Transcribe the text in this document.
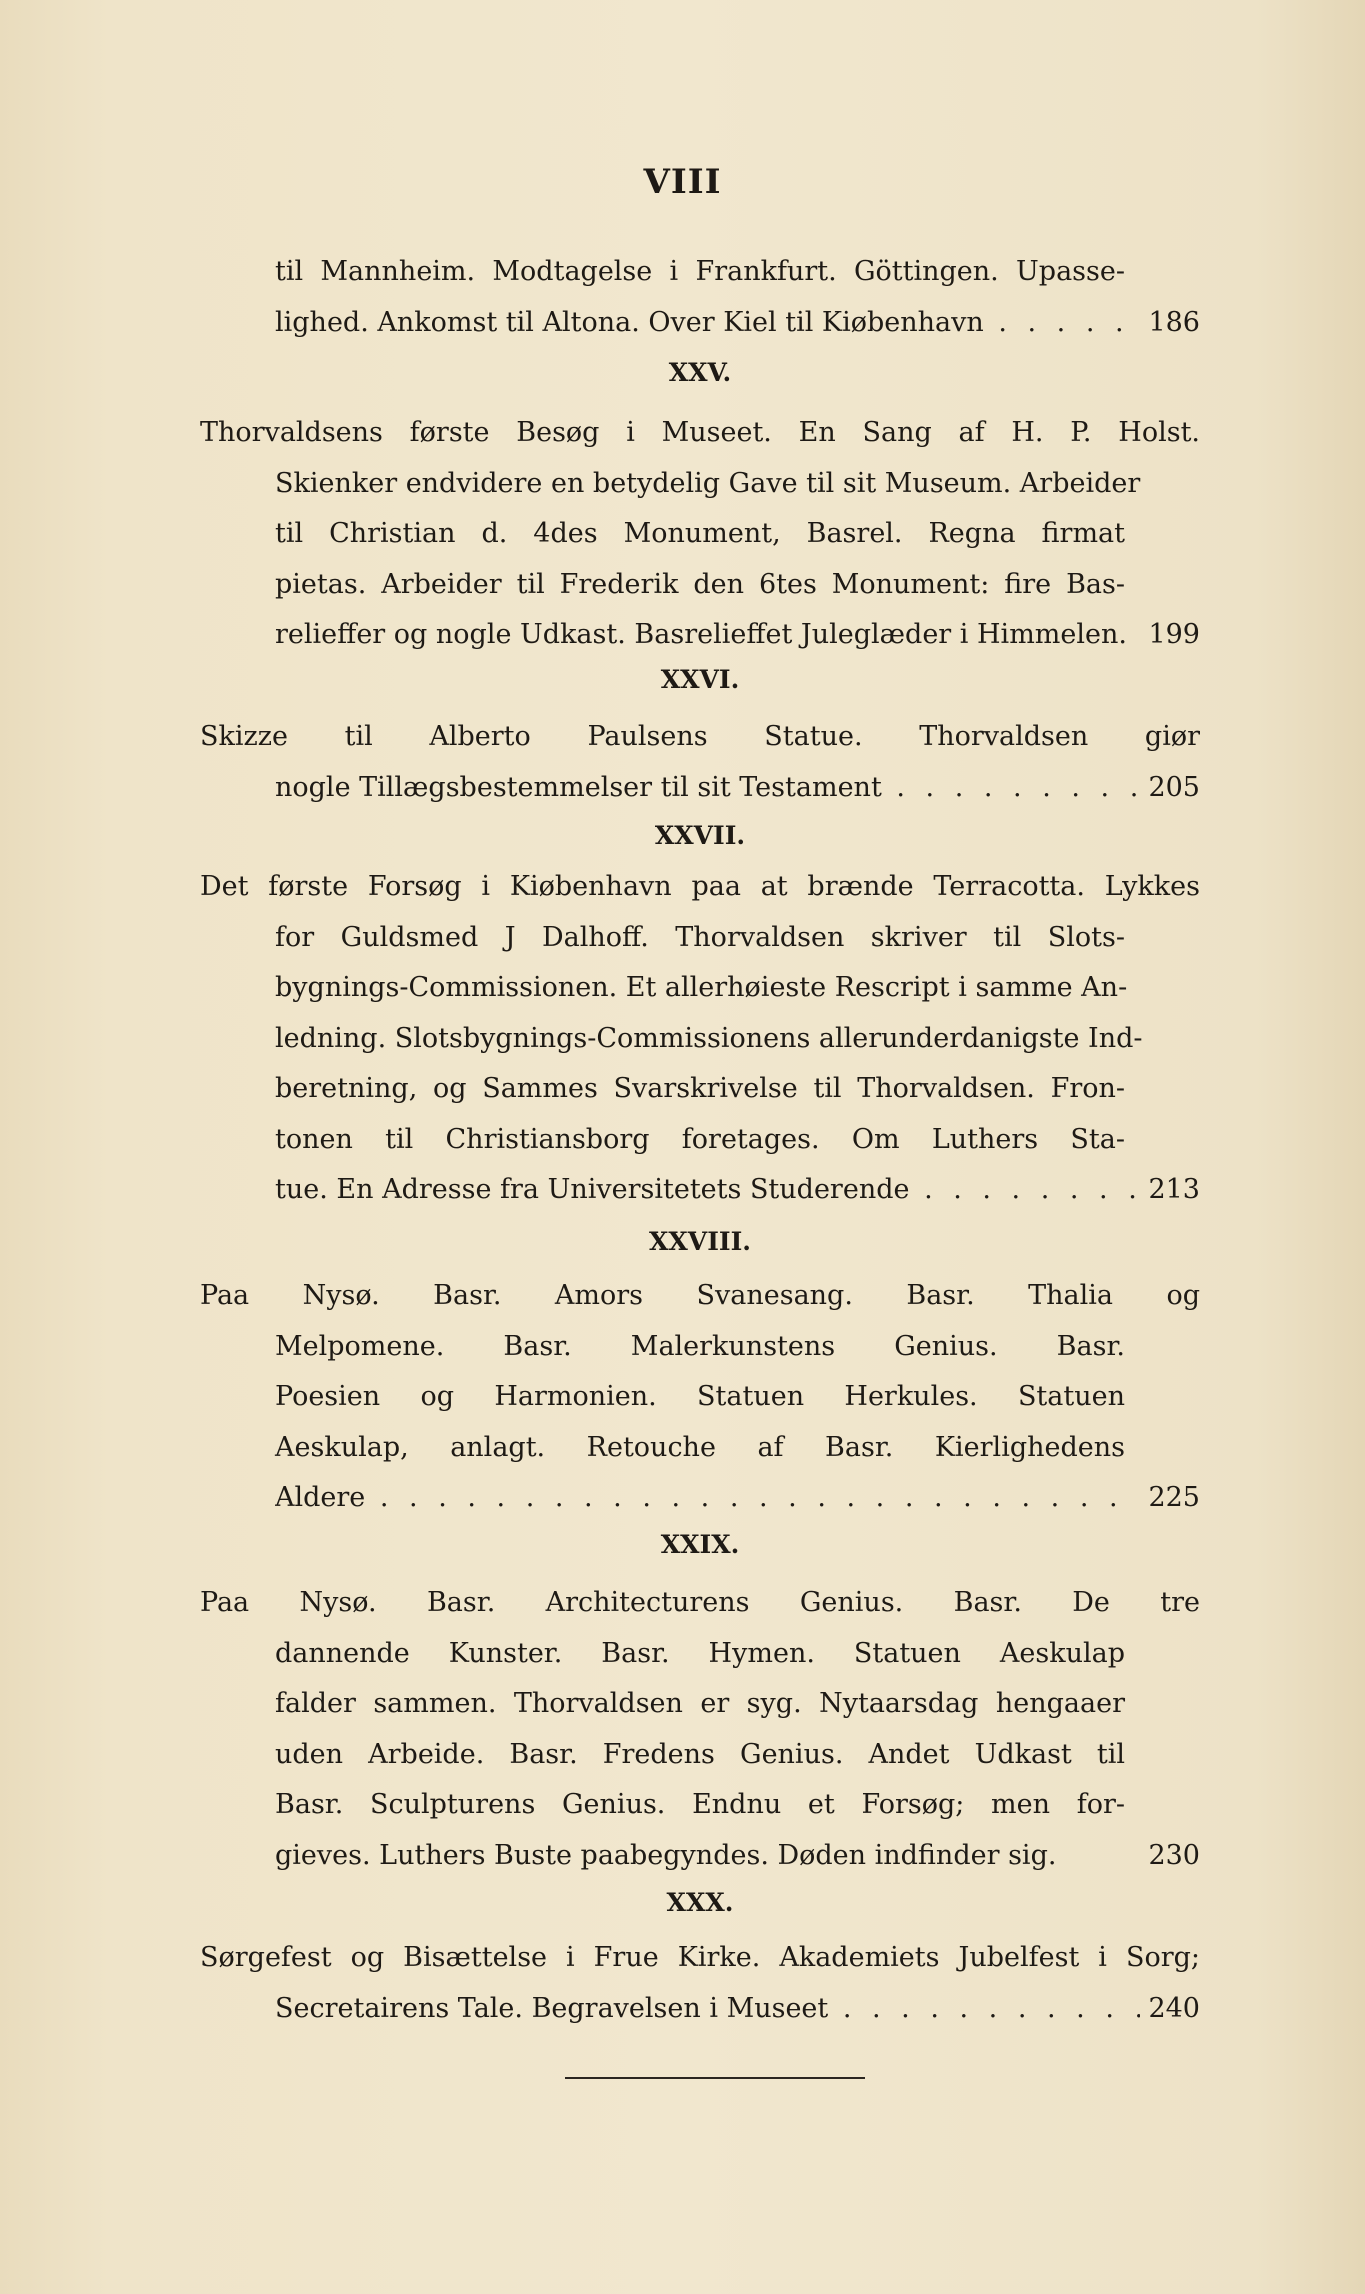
VIII
til Mannheim. Modtagelse i Frankfurt. Göttingen. Upasse-
lighed. Ankomst til Altona. Over Kiel til Kiøbenhavn . . .	186
XXV.
Thorvaldsens første Besøg i Museet. En Sang af H. P. Holst.
Skienker endvidere en betydelig Gave til sit Museum. Arbeider
til Christian d. 4des Monument, Basrel. Regna firmat
pietas. Arbeider til Frederik den 6tes Monument: fire Bas-
relieffer og nogle Udkast. Basrelieffet Juleglæder i Himmelen. 199
XXVI.
Skizze til Alberto Paulsens Statue. Thorvaldsen giør
nogle Tillægsbestemmelser til sit Testament . . .	205
XXVII.
Det første Forsøg i Kiøbenhavn paa at brænde Terracotta. Lykkes
for Guldsmed J Dalhoff. Thorvaldsen skriver til Slots-
bygnings-Commissionen. Et allerhøieste Rescript i samme An-
ledning. Slotsbygnings-Commissionens allerunderdanigste Ind-
beretning, og Sammes Svarskrivelse til Thorvaldsen. Fron-
tonen til Christiansborg foretages. Om Luthers Sta-
tue. En Adresse fra Universitetets Studerende . . .	213
XXVIII.
Paa Nysø. Basr. Amors Svanesang. Basr. Thalia og
Melpomene. Basr. Malerkunstens Genius. Basr.
Poesien og Harmonien. Statuen Herkules. Statuen
Aeskulap, anlagt. Retouche af Basr. Kierlighedens
Aldere . . .	225
XXIX.
Paa Nysø. Basr. Architecturens Genius. Basr. De tre
dannende Kunster. Basr. Hymen. Statuen Aeskulap
falder sammen. Thorvaldsen er syg. Nytaarsdag hengaaer
uden Arbeide. Basr. Fredens Genius. Andet Udkast til
Basr. Sculpturens Genius. Endnu et Forsøg; men for-
gieves. Luthers Buste paabegyndes. Døden indfinder sig.	230
XXX.
Sørgefest og Bisættelse i Frue Kirke. Akademiets Jubelfest i Sorg;
Secretairens Tale. Begravelsen i Museet . . .	240
